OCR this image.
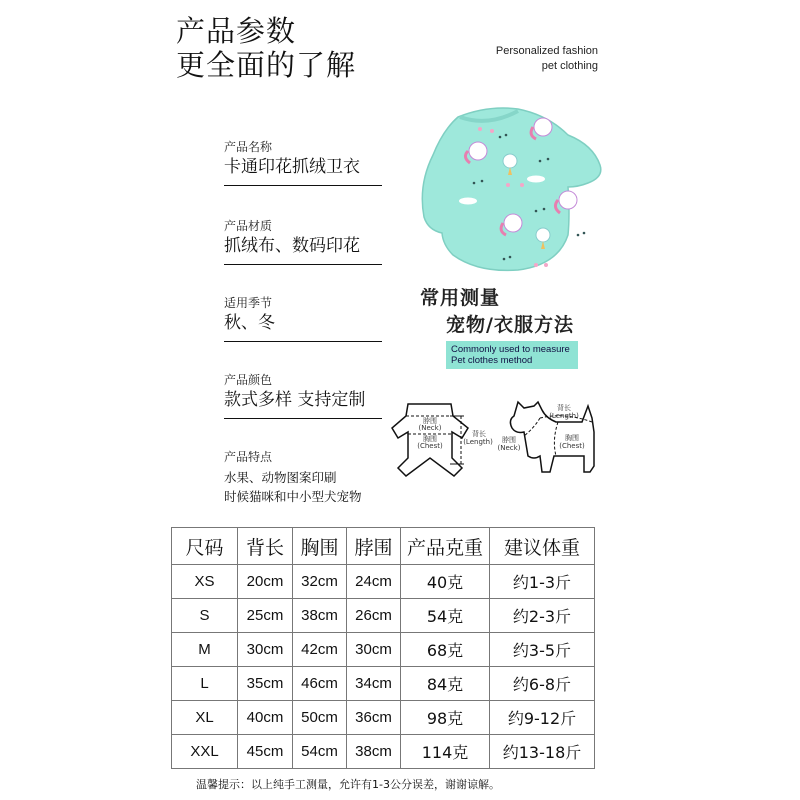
产品参数
更全面的了解	Personalized fashion
pet clothing
产品名称
卡通印花抓绒卫衣
产品材质
抓绒布、数码印花
适用季节
秋、冬
产品颜色
款式多样 支持定制
产品特点
水果、动物图案印刷
时候猫咪和中小型犬宠物
常用测量
宠物/衣服方法
Commonly used to measure
Pet clothes method
脖围
(Neck)
胸围
(Chest)
背长
(Length)
背长
(Length)
脖围
(Neck)
胸围
(Chest)
尺码	背长	胸围	脖围	产品克重	建议体重
XS	20cm	32cm	24cm	40克	约1-3斤
S	25cm	38cm	26cm	54克	约2-3斤
M	30cm	42cm	30cm	68克	约3-5斤
L	35cm	46cm	34cm	84克	约6-8斤
XL	40cm	50cm	36cm	98克	约9-12斤
XXL	45cm	54cm	38cm	114克	约13-18斤
温馨提示：以上纯手工测量，允许有1-3公分误差，谢谢谅解。
